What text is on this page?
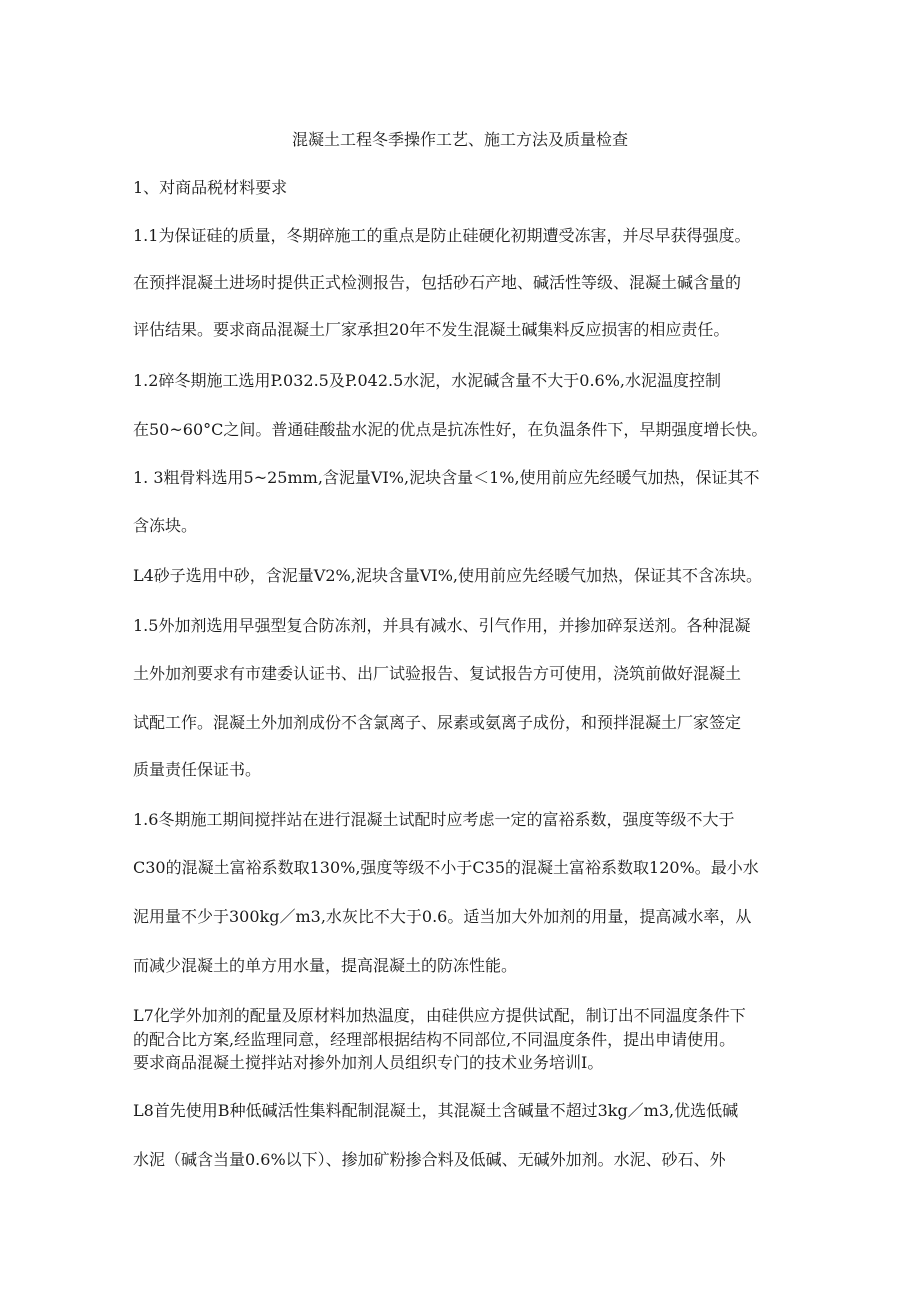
混凝土工程冬季操作工艺、施工方法及质量检查

1、对商品税材料要求

1.1为保证硅的质量，冬期碎施工的重点是防止硅硬化初期遭受冻害，并尽早获得强度。

在预拌混凝土进场时提供正式检测报告，包括砂石产地、碱活性等级、混凝土碱含量的

评估结果。要求商品混凝土厂家承担20年不发生混凝土碱集料反应损害的相应责任。

1.2碎冬期施工选用P.032.5及P.042.5水泥，水泥碱含量不大于0.6%,水泥温度控制

在50~60°C之间。普通硅酸盐水泥的优点是抗冻性好，在负温条件下，早期强度增长快。

1. 3粗骨料选用5~25mm,含泥量VI%,泥块含量＜1%,使用前应先经暖气加热，保证其不

含冻块。

L4砂子选用中砂，含泥量V2%,泥块含量VI%,使用前应先经暖气加热，保证其不含冻块。

1.5外加剂选用早强型复合防冻剂，并具有减水、引气作用，并掺加碎泵送剂。各种混凝

土外加剂要求有市建委认证书、出厂试验报告、复试报告方可使用，浇筑前做好混凝土

试配工作。混凝土外加剂成份不含氯离子、尿素或氨离子成份，和预拌混凝土厂家签定

质量责任保证书。

1.6冬期施工期间搅拌站在进行混凝土试配时应考虑一定的富裕系数，强度等级不大于

C30的混凝土富裕系数取130%,强度等级不小于C35的混凝土富裕系数取120%。最小水

泥用量不少于300kg／m3,水灰比不大于0.6。适当加大外加剂的用量，提高减水率，从

而减少混凝土的单方用水量，提高混凝土的防冻性能。

L7化学外加剂的配量及原材料加热温度，由硅供应方提供试配，制订出不同温度条件下

的配合比方案,经监理同意，经理部根据结构不同部位,不同温度条件，提出申请使用。

要求商品混凝土搅拌站对掺外加剂人员组织专门的技术业务培训I。

L8首先使用B种低碱活性集料配制混凝土，其混凝土含碱量不超过3kg／m3,优选低碱

水泥（碱含当量0.6%以下）、掺加矿粉掺合料及低碱、无碱外加剂。水泥、砂石、外
